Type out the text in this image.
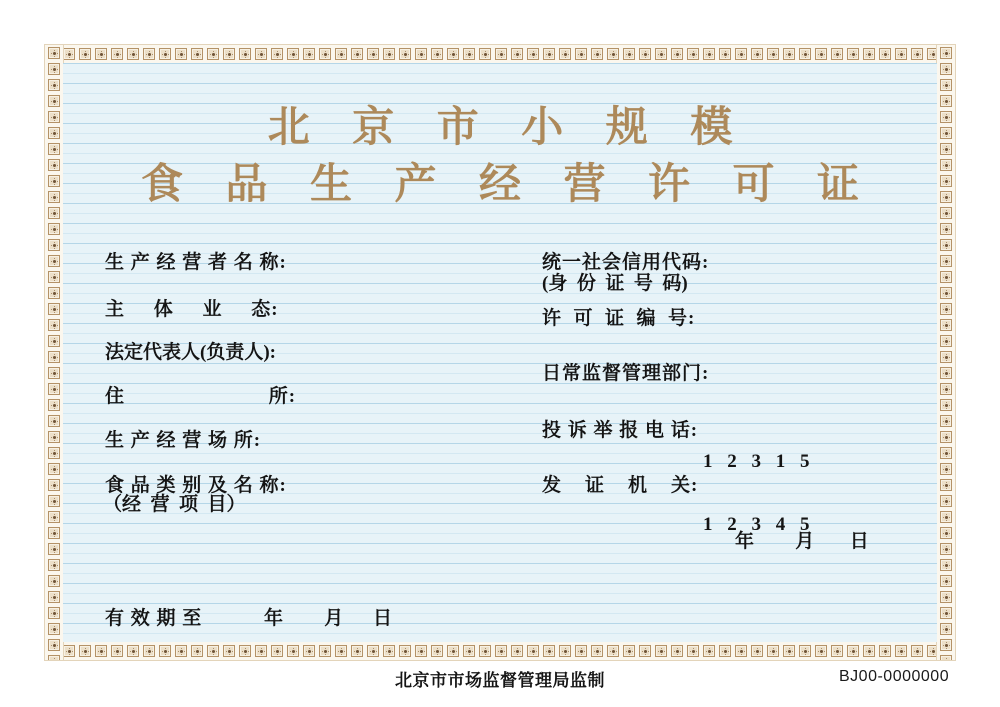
北 京 市 小 规 模
食 品 生 产 经 营 许 可 证
生 产 经 营 者 名 称:
主     体     业     态:
法定代表人(负责人):
住                         所:
生 产 经 营 场 所:
食 品 类 别 及 名 称:
（经  营  项  目）
统一社会信用代码:
(身  份  证  号  码)
许  可  证  编  号:
日常监督管理部门:
投 诉 举 报 电 话:

1 2 3 1 5

1 2 3 4 5

发    证    机    关:
年       月      日
有 效 期 至	年       月     日
北京市市场监督管理局监制	BJ00-0000000
